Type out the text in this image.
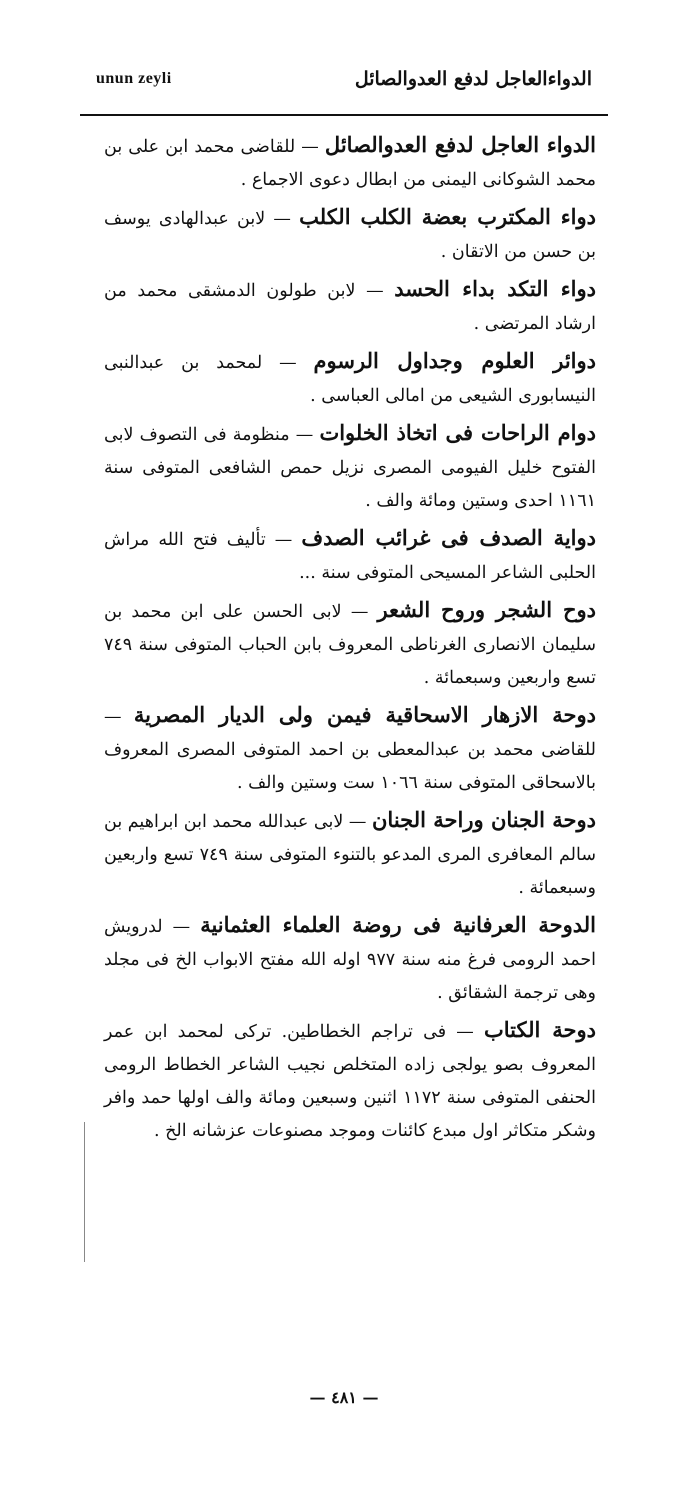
الدواءالعاجل لدفع العدوالصائل
unun zeyli

الدواء العاجل لدفع العدوالصائل — للقاضى محمد ابن على بن محمد الشوكانى اليمنى من ابطال دعوى الاجماع .

دواء المكترب بعضة الكلب الكلب — لابن عبدالهادى يوسف بن حسن من الاتقان .

دواء التكد بداء الحسد — لابن طولون الدمشقى محمد من ارشاد المرتضى .

دوائر العلوم وجداول الرسوم — لمحمد بن عبدالنبى النيسابورى الشيعى من امالى العباسى .

دوام الراحات فى اتخاذ الخلوات — منظومة فى التصوف لابى الفتوح خليل الفيومى المصرى نزيل حمص الشافعى المتوفى سنة ١١٦١ احدى وستين ومائة والف .

دواية الصدف فى غرائب الصدف — تأليف فتح الله مراش الحلبى الشاعر المسيحى المتوفى سنة ...

دوح الشجر وروح الشعر — لابى الحسن على ابن محمد بن سليمان الانصارى الغرناطى المعروف بابن الحباب المتوفى سنة ٧٤٩ تسع واربعين وسبعمائة .

دوحة الازهار الاسحاقية فيمن ولى الديار المصرية — للقاضى محمد بن عبدالمعطى بن احمد المتوفى المصرى المعروف بالاسحاقى المتوفى سنة ١٠٦٦ ست وستين والف .

دوحة الجنان وراحة الجنان — لابى عبدالله محمد ابن ابراهيم بن سالم المعافرى المرى المدعو بالتنوء المتوفى سنة ٧٤٩ تسع واربعين وسبعمائة .

الدوحة العرفانية فى روضة العلماء العثمانية — لدرويش احمد الرومى فرغ منه سنة ٩٧٧ اوله الله مفتح الابواب الخ فى مجلد وهى ترجمة الشقائق .

دوحة الكتاب — فى تراجم الخطاطين. تركى لمحمد ابن عمر المعروف بصو يولجى زاده المتخلص نجيب الشاعر الخطاط الرومى الحنفى المتوفى سنة ١١٧٢ اثنين وسبعين ومائة والف اولها حمد وافر وشكر متكاثر اول مبدع كائنات وموجد مصنوعات عزشانه الخ .

— ٤٨١ —
